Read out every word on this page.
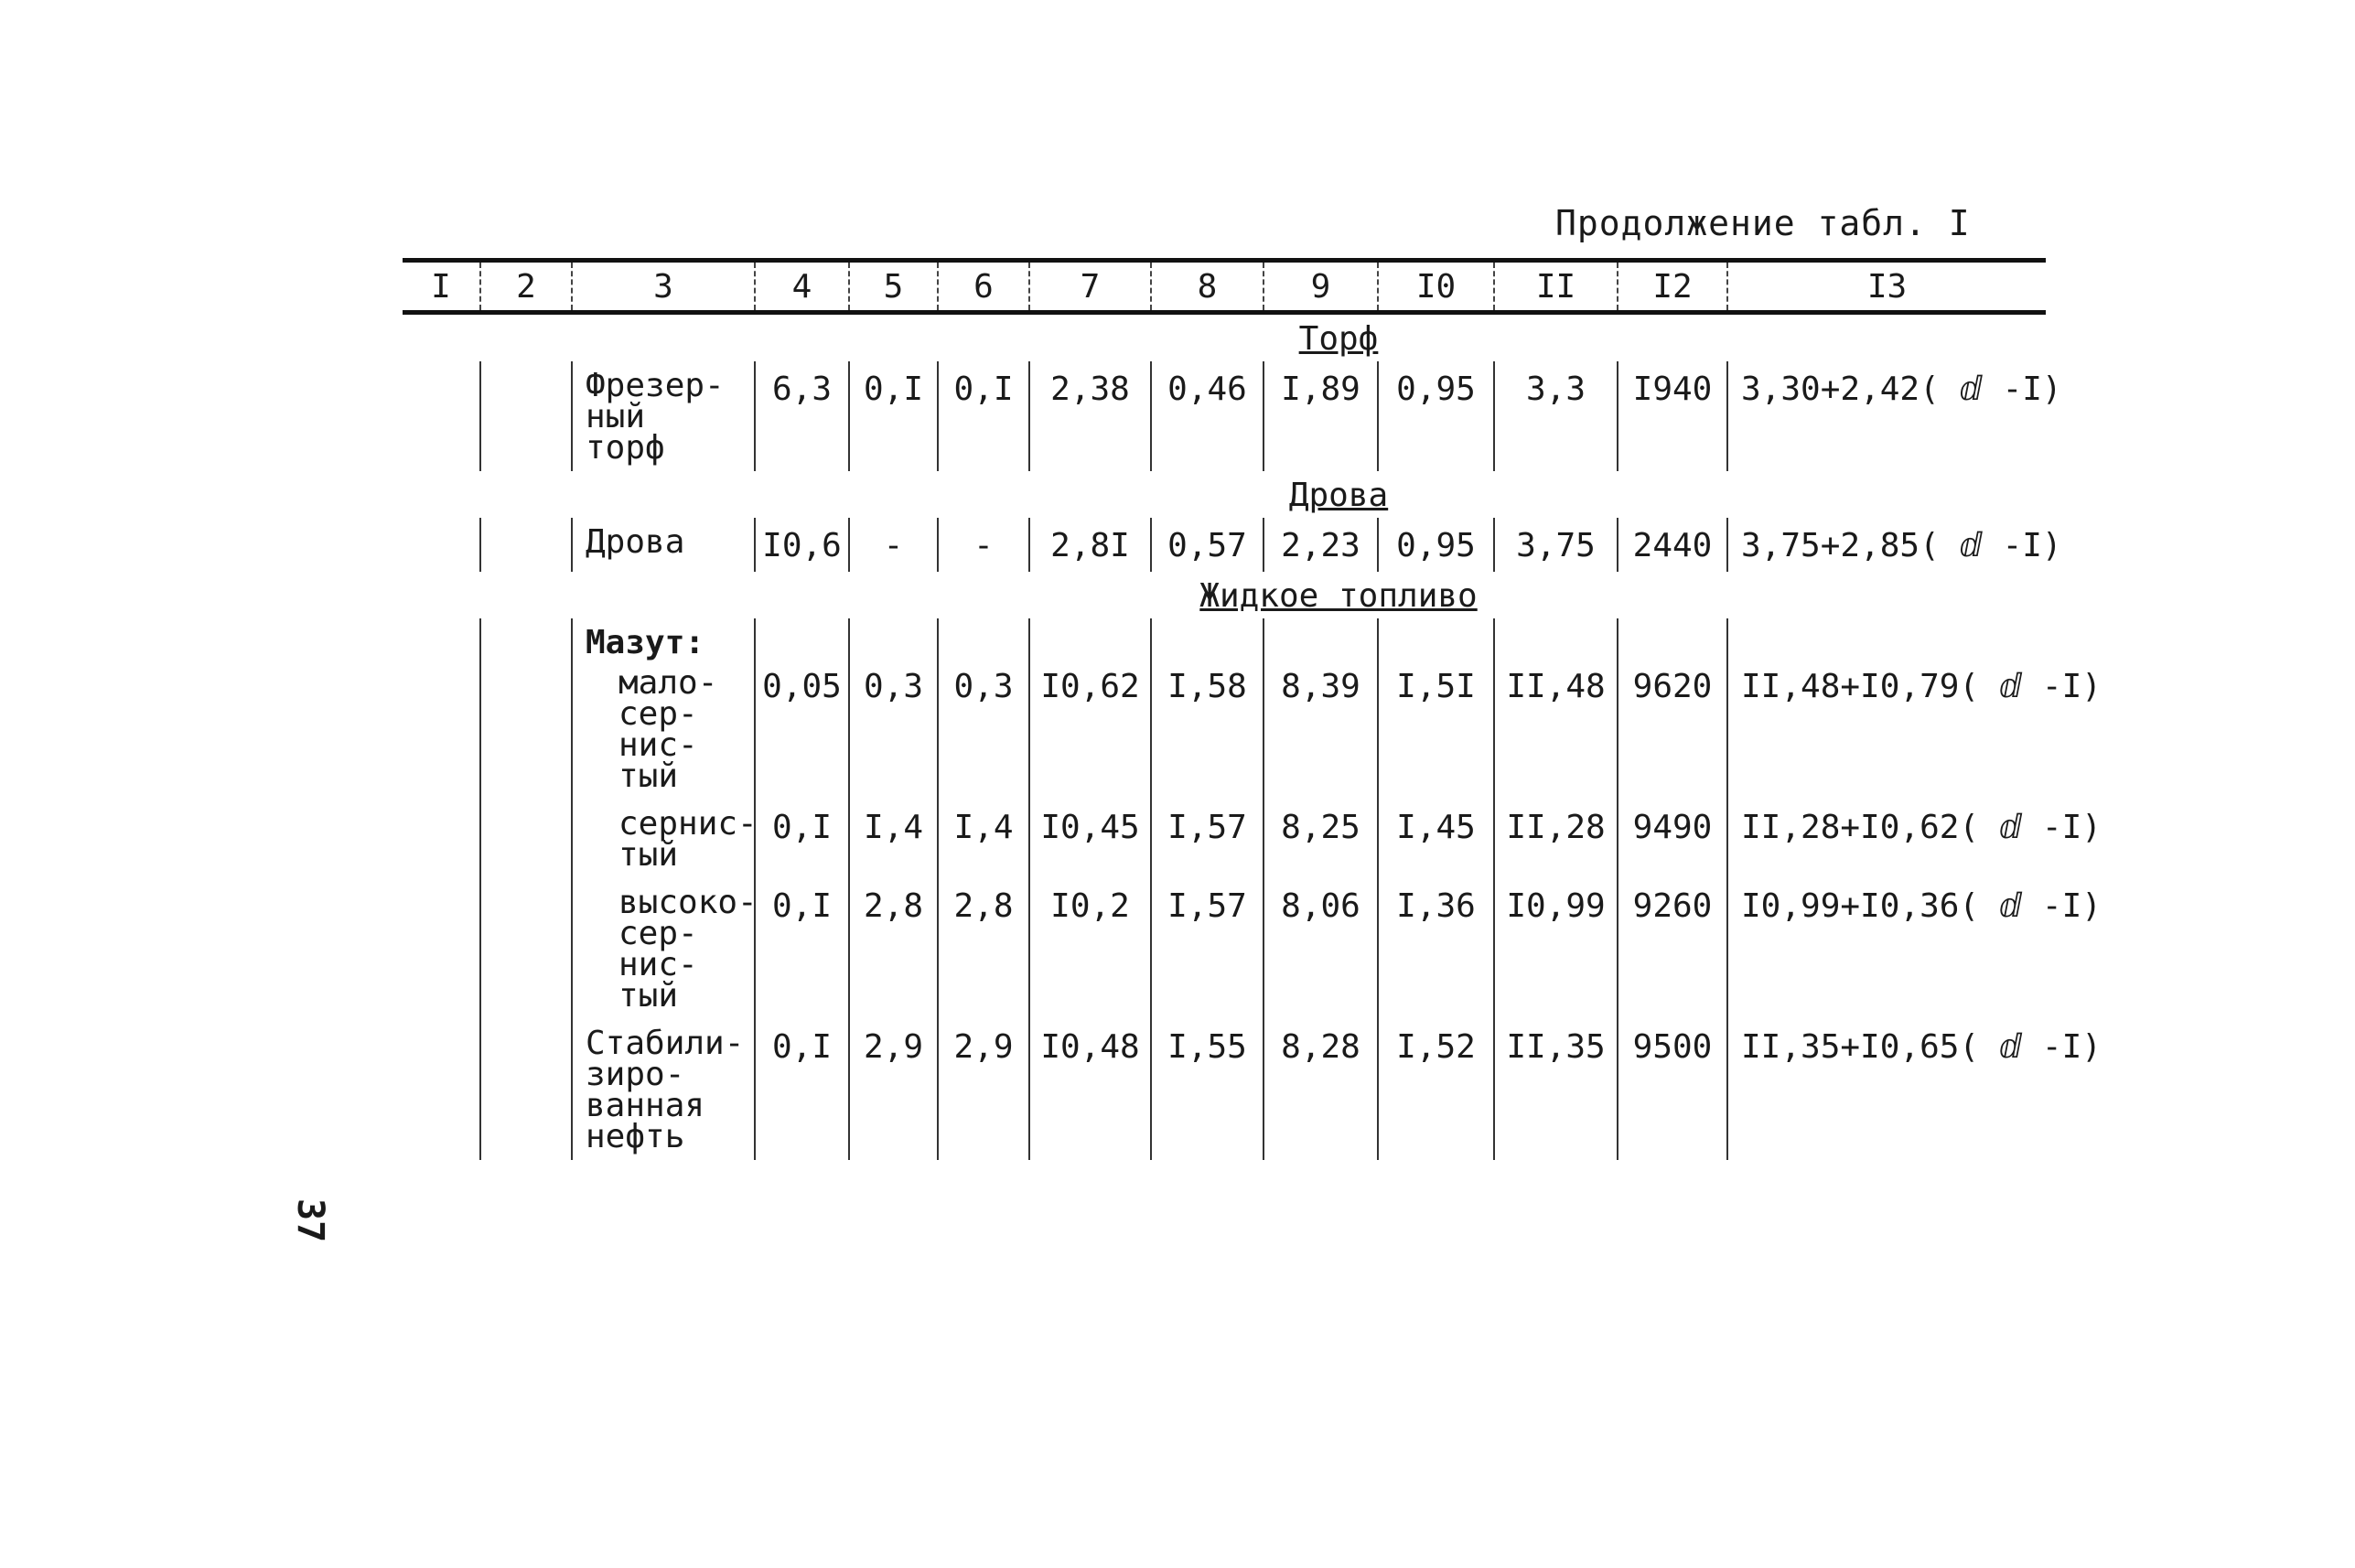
Продолжение табл. I
I	2	3	4	5	6	7	8	9	I0	II	I2	I3
Торф												
		Фрезер-
ный
торф	6,3	0,I	0,I	2,38	0,46	I,89	0,95	3,3	I940	3,30+2,42( ⅆ -I)
Дрова												
		Дрова	I0,6	-	-	2,8I	0,57	2,23	0,95	3,75	2440	3,75+2,85( ⅆ -I)
Жидкое топливо												
		Мазут:										
		мало-
сер-
нис-
тый	0,05	0,3	0,3	I0,62	I,58	8,39	I,5I	II,48	9620	II,48+I0,79( ⅆ -I)
		сернис-
тый	0,I	I,4	I,4	I0,45	I,57	8,25	I,45	II,28	9490	II,28+I0,62( ⅆ -I)
		высоко-
сер-
нис-
тый	0,I	2,8	2,8	I0,2	I,57	8,06	I,36	I0,99	9260	I0,99+I0,36( ⅆ -I)
		Стабили-
зиро-
ванная
нефть	0,I	2,9	2,9	I0,48	I,55	8,28	I,52	II,35	9500	II,35+I0,65( ⅆ -I)
37
